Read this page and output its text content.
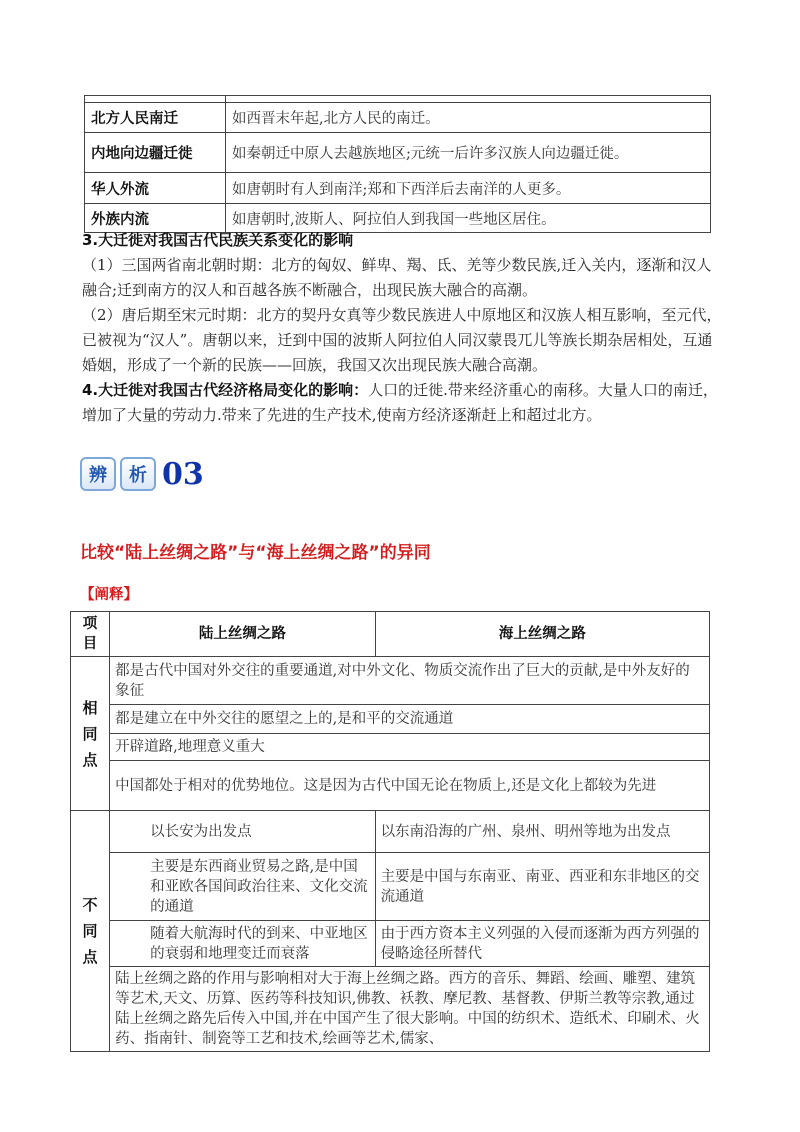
北方人民南迁	如西晋末年起,北方人民的南迁。
内地向边疆迁徙	如秦朝迁中原人去越族地区;元统一后许多汉族人向边疆迁徙。
华人外流	如唐朝时有人到南洋;郑和下西洋后去南洋的人更多。
外族内流	如唐朝时,波斯人、阿拉伯人到我国一些地区居住。
3.大迁徙对我国古代民族关系变化的影响
（1）三国两省南北朝时期：北方的匈奴、鲜卑、羯、氐、羌等少数民族,迁入关内，逐渐和汉人融合;迁到南方的汉人和百越各族不断融合，出现民族大融合的高潮。
（2）唐后期至宋元时期：北方的契丹女真等少数民族进人中原地区和汉族人相互影响，至元代，已被视为“汉人”。唐朝以来，迁到中国的波斯人阿拉伯人同汉蒙畏兀儿等族长期杂居相处，互通婚姻，形成了一个新的民族——回族，我国又次出现民族大融合高潮。
4.大迁徙对我国古代经济格局变化的影响：人口的迁徙.带来经济重心的南移。大量人口的南迁，增加了大量的劳动力.带来了先进的生产技术,使南方经济逐渐赶上和超过北方。
辨	析 03
比较“陆上丝绸之路”与“海上丝绸之路”的异同
【阐释】
项目	陆上丝绸之路	海上丝绸之路
相
同
点	都是古代中国对外交往的重要通道,对中外文化、物质交流作出了巨大的贡献,是中外友好的象征	
	都是建立在中外交往的愿望之上的,是和平的交流通道	
	开辟道路,地理意义重大	
	中国都处于相对的优势地位。这是因为古代中国无论在物质上,还是文化上都较为先进	
不
同
点	以长安为出发点	以东南沿海的广州、泉州、明州等地为出发点
	主要是东西商业贸易之路,是中国和亚欧各国间政治往来、文化交流的通道	主要是中国与东南亚、南亚、西亚和东非地区的交流通道
	随着大航海时代的到来、中亚地区的衰弱和地理变迁而衰落	由于西方资本主义列强的入侵而逐渐为西方列强的侵略途径所替代
	陆上丝绸之路的作用与影响相对大于海上丝绸之路。西方的音乐、舞蹈、绘画、雕塑、建筑等艺术,天文、历算、医药等科技知识,佛教、袄教、摩尼教、基督教、伊斯兰教等宗教,通过陆上丝绸之路先后传入中国,并在中国产生了很大影响。中国的纺织术、造纸术、印刷术、火药、指南针、制瓷等工艺和技术,绘画等艺术,儒家、	
